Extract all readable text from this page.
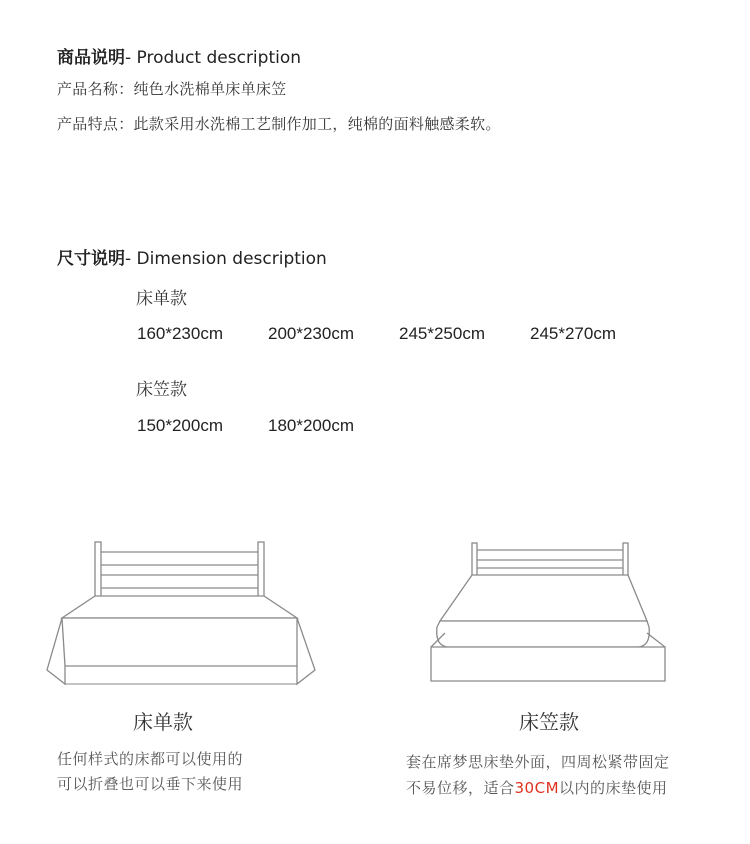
商品说明- Product description
产品名称：纯色水洗棉单床单床笠
产品特点：此款采用水洗棉工艺制作加工，纯棉的面料触感柔软。
尺寸说明- Dimension description
床单款
160*230cm	200*230cm	245*250cm	245*270cm
床笠款
150*200cm	180*200cm
床单款	床笠款
任何样式的床都可以使用的
可以折叠也可以垂下来使用
套在席梦思床垫外面，四周松紧带固定
不易位移，适合30CM以内的床垫使用
